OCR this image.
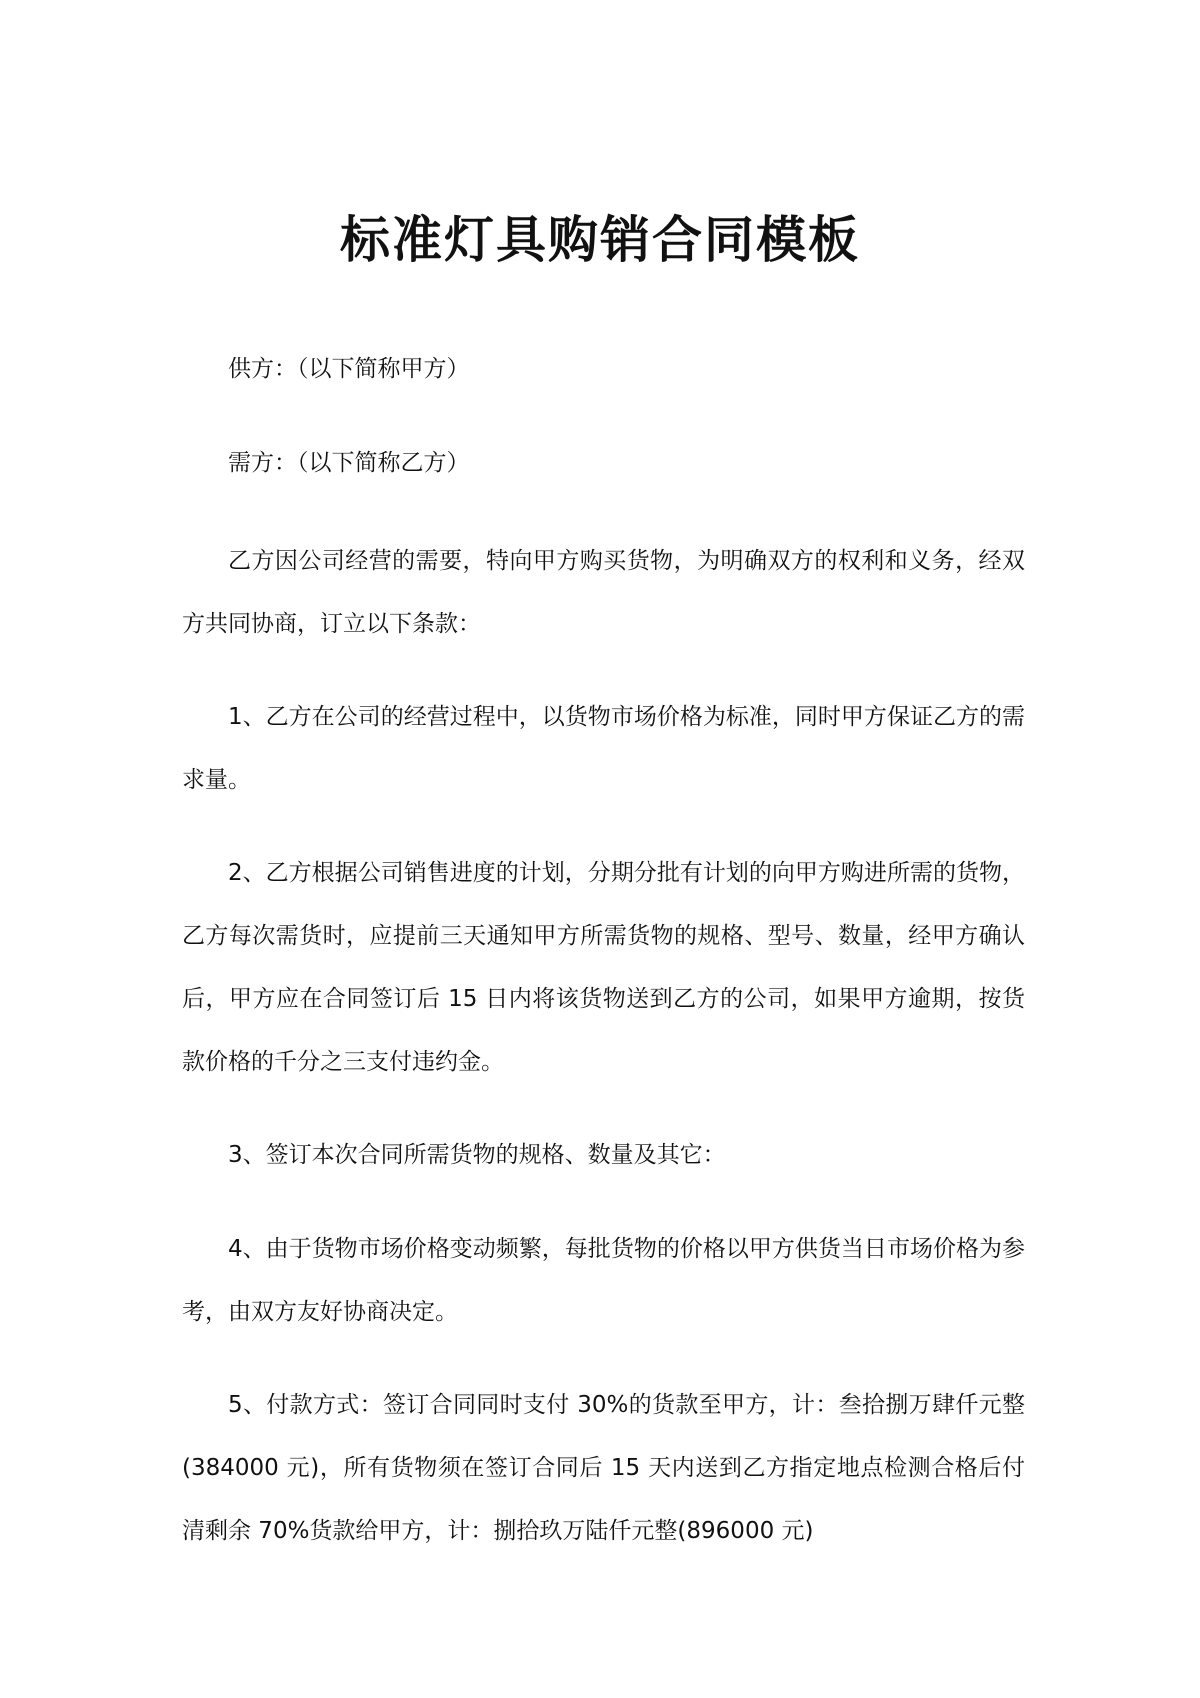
标准灯具购销合同模板

供方：（以下简称甲方）

需方：（以下简称乙方）

乙方因公司经营的需要，特向甲方购买货物，为明确双方的权利和义务，经双方共同协商，订立以下条款：

1、乙方在公司的经营过程中，以货物市场价格为标准，同时甲方保证乙方的需求量。

2、乙方根据公司销售进度的计划，分期分批有计划的向甲方购进所需的货物，乙方每次需货时，应提前三天通知甲方所需货物的规格、型号、数量，经甲方确认后，甲方应在合同签订后 15 日内将该货物送到乙方的公司，如果甲方逾期，按货款价格的千分之三支付违约金。

3、签订本次合同所需货物的规格、数量及其它：

4、由于货物市场价格变动频繁，每批货物的价格以甲方供货当日市场价格为参考，由双方友好协商决定。

5、付款方式：签订合同同时支付 30%的货款至甲方，计：叁拾捌万肆仟元整(384000 元)，所有货物须在签订合同后 15 天内送到乙方指定地点检测合格后付清剩余 70%货款给甲方，计：捌拾玖万陆仟元整(896000 元)
